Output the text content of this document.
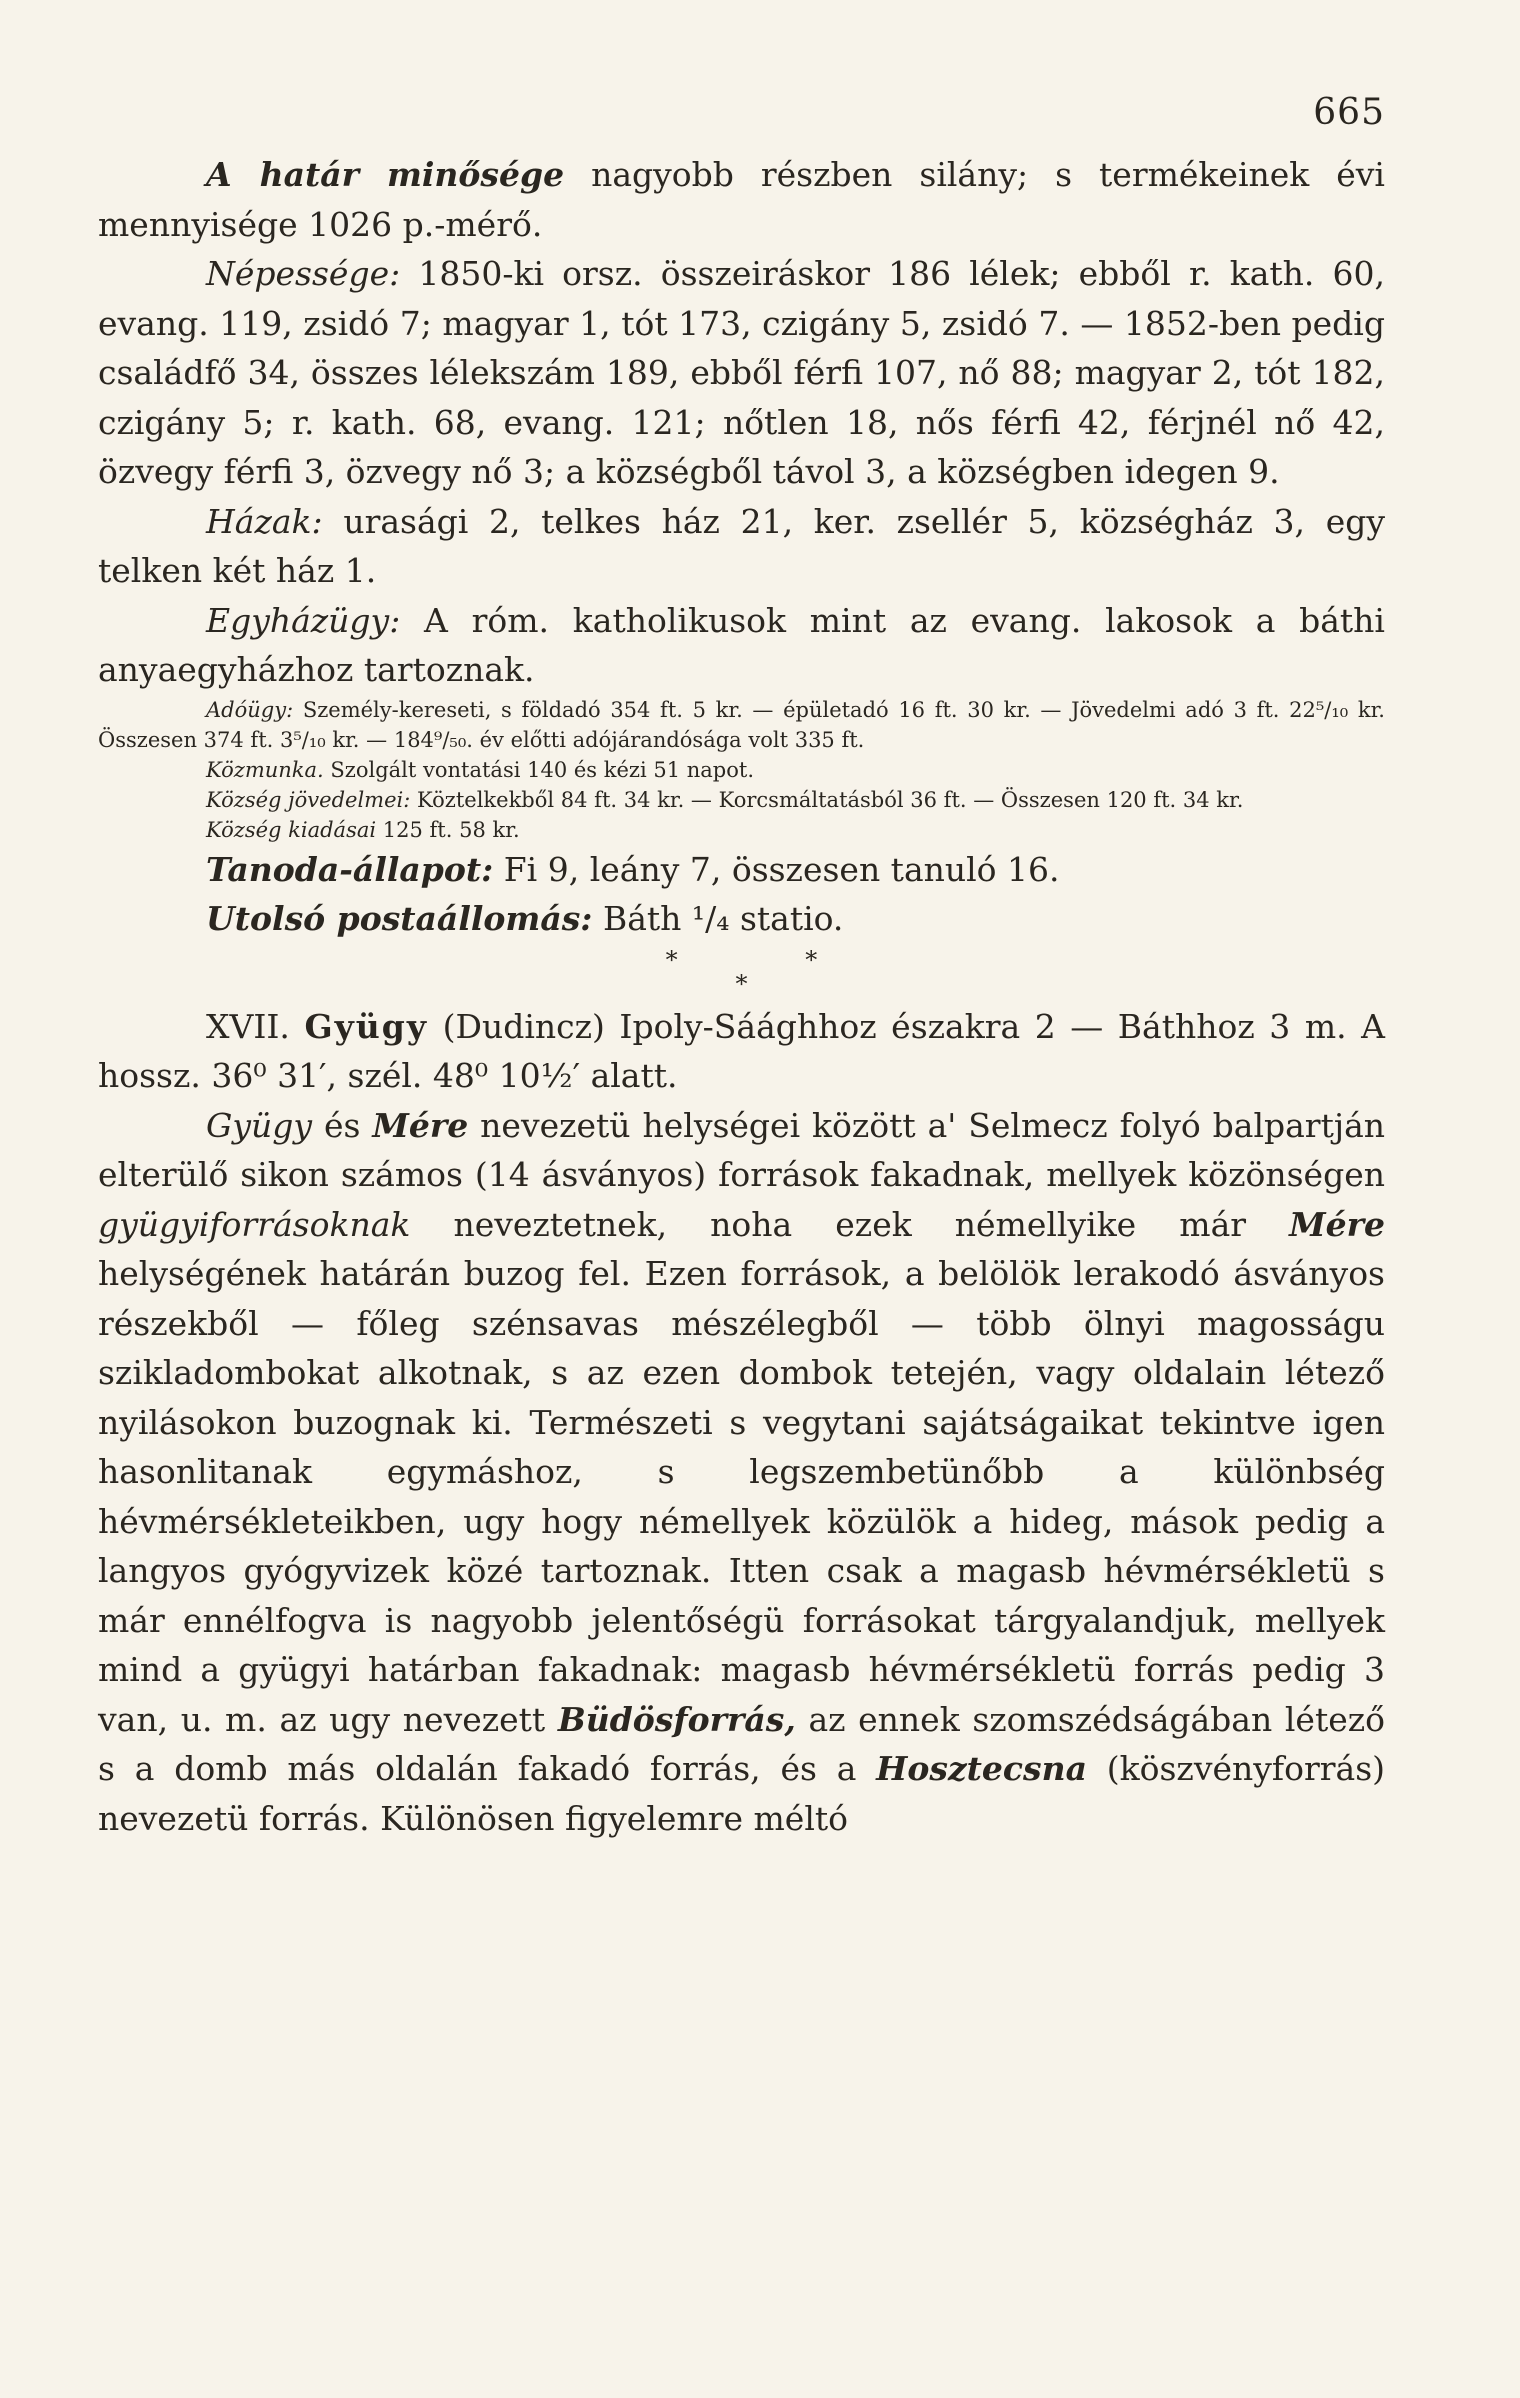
665

A határ minősége nagyobb részben silány; s termékeinek évi mennyisége 1026 p.-mérő.

Népessége: 1850-ki orsz. összeiráskor 186 lélek; ebből r. kath. 60, evang. 119, zsidó 7; magyar 1, tót 173, czigány 5, zsidó 7. — 1852-ben pedig családfő 34, összes lélekszám 189, ebből férfi 107, nő 88; magyar 2, tót 182, czigány 5; r. kath. 68, evang. 121; nőtlen 18, nős férfi 42, férjnél nő 42, özvegy férfi 3, özvegy nő 3; a községből távol 3, a községben idegen 9.

Házak: urasági 2, telkes ház 21, ker. zsellér 5, községház 3, egy telken két ház 1.

Egyházügy: A róm. katholikusok mint az evang. lakosok a báthi anyaegyházhoz tartoznak.

Adóügy: Személy-kereseti, s földadó 354 ft. 5 kr. — épületadó 16 ft. 30 kr. — Jövedelmi adó 3 ft. 22⁵/₁₀ kr. Összesen 374 ft. 3⁵/₁₀ kr. — 184⁹/₅₀. év előtti adójárandósága volt 335 ft.

Közmunka. Szolgált vontatási 140 és kézi 51 napot.

Község jövedelmei: Köztelkekből 84 ft. 34 kr. — Korcsmáltatásból 36 ft. — Összesen 120 ft. 34 kr.

Község kiadásai 125 ft. 58 kr.

Tanoda-állapot: Fi 9, leány 7, összesen tanuló 16.

Utolsó postaállomás: Báth ¹/₄ statio.

* *
*

XVII. Gyügy (Dudincz) Ipoly-Sáághhoz északra 2 — Báthhoz 3 m. A hossz. 36⁰ 31′, szél. 48⁰ 10½′ alatt.

Gyügy és Mére nevezetü helységei között a' Selmecz folyó balpartján elterülő sikon számos (14 ásványos) források fakadnak, mellyek közönségen gyügyiforrásoknak neveztetnek, noha ezek némellyike már Mére helységének határán buzog fel. Ezen források, a belölök lerakodó ásványos részekből — főleg szénsavas mészélegből — több ölnyi magosságu szikladombokat alkotnak, s az ezen dombok tetején, vagy oldalain létező nyilásokon buzognak ki. Természeti s vegytani sajátságaikat tekintve igen hasonlitanak egymáshoz, s legszembetünőbb a különbség hévmérsékleteikben, ugy hogy némellyek közülök a hideg, mások pedig a langyos gyógyvizek közé tartoznak. Itten csak a magasb hévmérsékletü s már ennélfogva is nagyobb jelentőségü forrásokat tárgyalandjuk, mellyek mind a gyügyi határban fakadnak: magasb hévmérsékletü forrás pedig 3 van, u. m. az ugy nevezett Büdösforrás, az ennek szomszédságában létező s a domb más oldalán fakadó forrás, és a Hosztecsna (köszvényforrás) nevezetü forrás. Különösen figyelemre méltó
